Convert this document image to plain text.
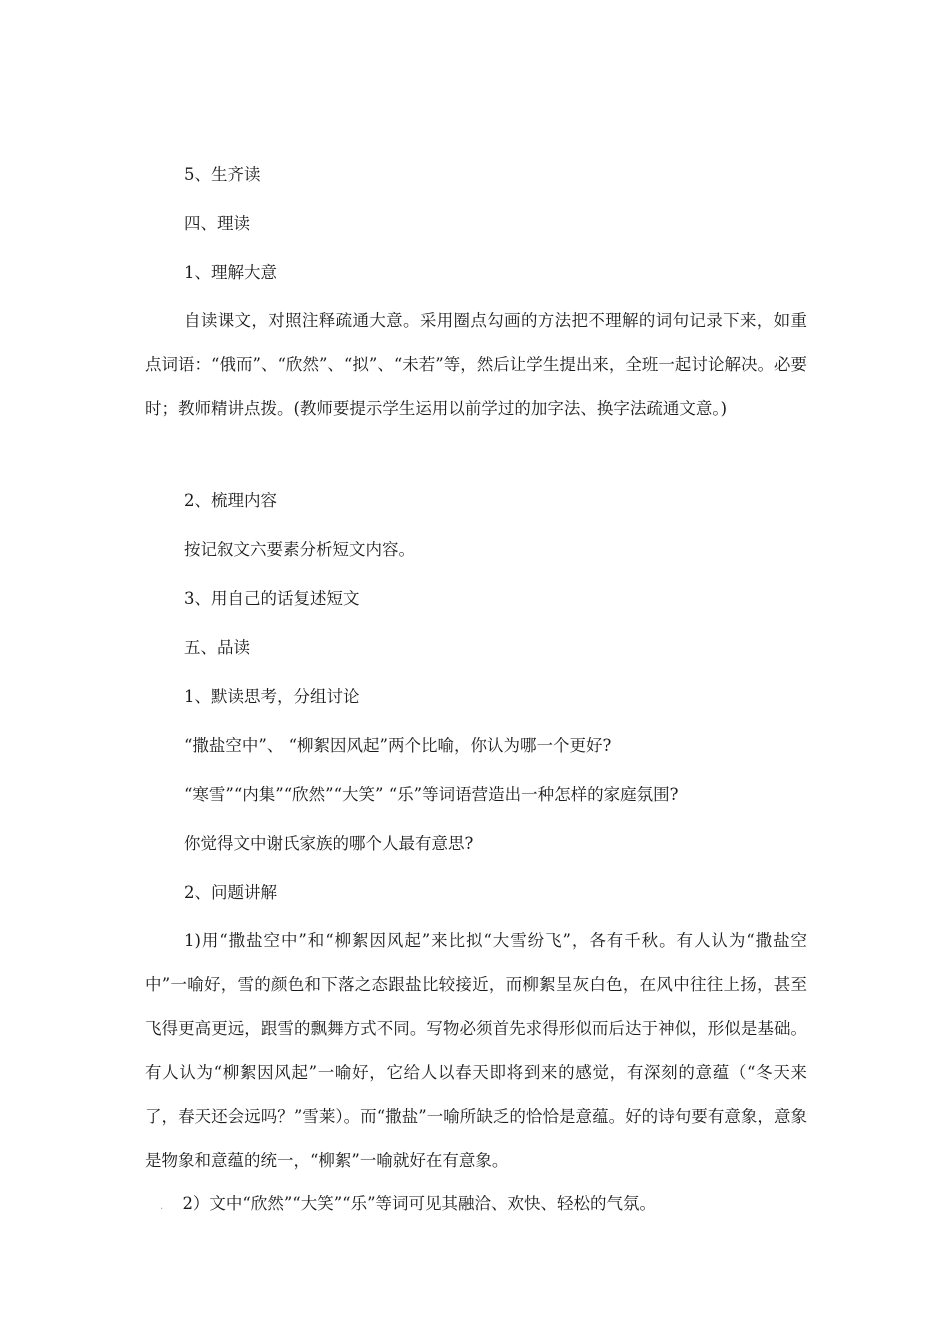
5、生齐读
四、理读
1、理解大意
自读课文，对照注释疏通大意。采用圈点勾画的方法把不理解的词句记录下来，如重点词语：“俄而”、“欣然”、“拟”、“未若”等，然后让学生提出来，全班一起讨论解决。必要时；教师精讲点拨。(教师要提示学生运用以前学过的加字法、换字法疏通文意。)
2、梳理内容
按记叙文六要素分析短文内容。
3、用自己的话复述短文
五、品读
1、默读思考，分组讨论
“撒盐空中”、 “柳絮因风起”两个比喻，你认为哪一个更好?
“寒雪”“内集”“欣然”“大笑” “乐”等词语营造出一种怎样的家庭氛围?
你觉得文中谢氏家族的哪个人最有意思?
2、问题讲解
1)用“撒盐空中”和“柳絮因风起”来比拟“大雪纷飞”，各有千秋。有人认为“撒盐空中”一喻好，雪的颜色和下落之态跟盐比较接近，而柳絮呈灰白色，在风中往往上扬，甚至飞得更高更远，跟雪的飘舞方式不同。写物必须首先求得形似而后达于神似，形似是基础。有人认为“柳絮因风起”一喻好，它给人以春天即将到来的感觉，有深刻的意蕴（“冬天来了，春天还会远吗？”雪莱）。而“撒盐”一喻所缺乏的恰恰是意蕴。好的诗句要有意象，意象是物象和意蕴的统一，“柳絮”一喻就好在有意象。
. 2）文中“欣然”“大笑”“乐”等词可见其融洽、欢快、轻松的气氛。
